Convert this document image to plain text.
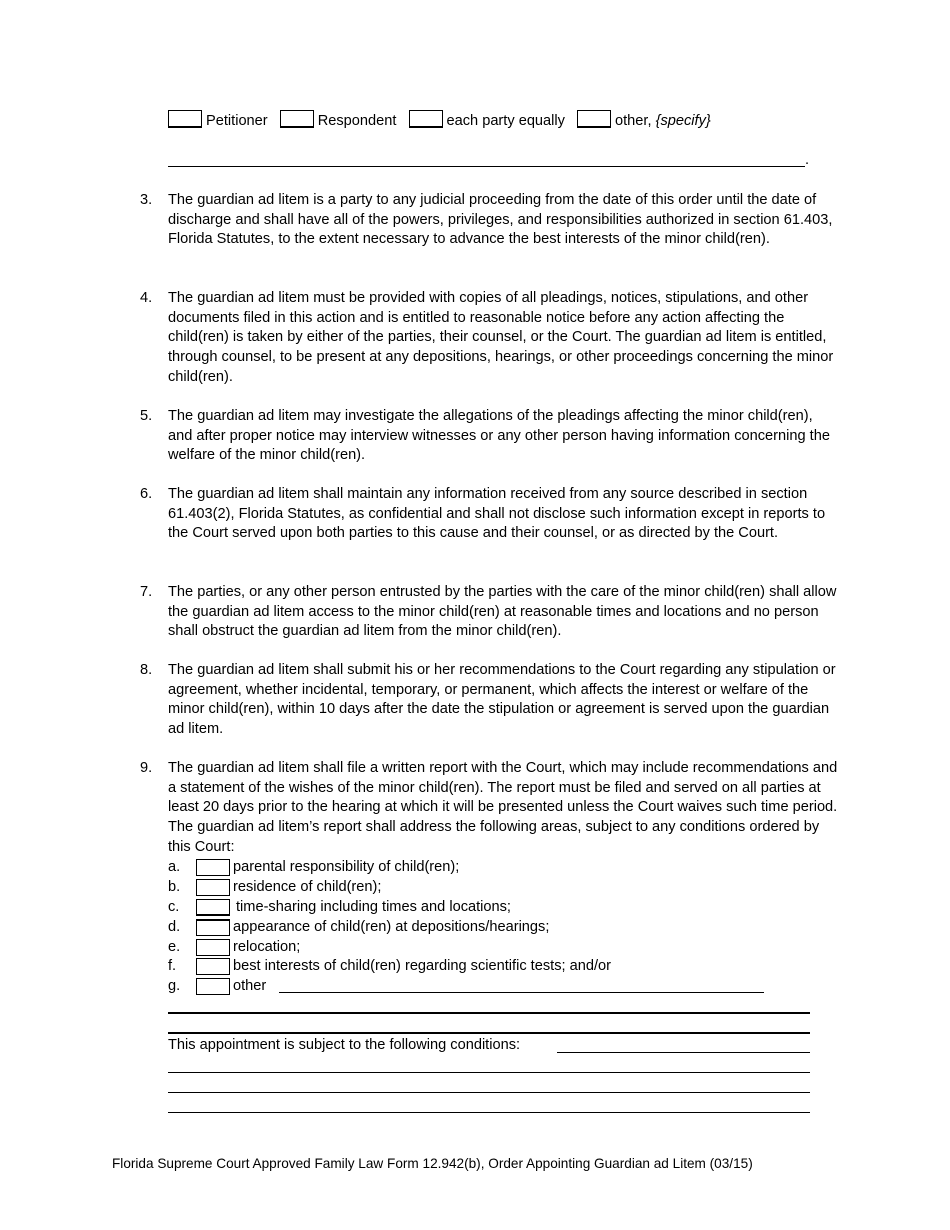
Petitioner	Respondent	each party equally	other, {specify}
.
3. The guardian ad litem is a party to any judicial proceeding from the date of this order until the date of discharge and shall have all of the powers, privileges, and responsibilities authorized in section 61.403, Florida Statutes, to the extent necessary to advance the best interests of the minor child(ren).
4. The guardian ad litem must be provided with copies of all pleadings, notices, stipulations, and other documents filed in this action and is entitled to reasonable notice before any action affecting the child(ren) is taken by either of the parties, their counsel, or the Court. The guardian ad litem is entitled, through counsel, to be present at any depositions, hearings, or other proceedings concerning the minor child(ren).
5. The guardian ad litem may investigate the allegations of the pleadings affecting the minor child(ren), and after proper notice may interview witnesses or any other person having information concerning the welfare of the minor child(ren).
6. The guardian ad litem shall maintain any information received from any source described in section 61.403(2), Florida Statutes, as confidential and shall not disclose such information except in reports to the Court served upon both parties to this cause and their counsel, or as directed by the Court.
7. The parties, or any other person entrusted by the parties with the care of the minor child(ren) shall allow the guardian ad litem access to the minor child(ren) at reasonable times and locations and no person shall obstruct the guardian ad litem from the minor child(ren).
8. The guardian ad litem shall submit his or her recommendations to the Court regarding any stipulation or agreement, whether incidental, temporary, or permanent, which affects the interest or welfare of the minor child(ren), within 10 days after the date the stipulation or agreement is served upon the guardian ad litem.
9. The guardian ad litem shall file a written report with the Court, which may include recommendations and a statement of the wishes of the minor child(ren). The report must be filed and served on all parties at least 20 days prior to the hearing at which it will be presented unless the Court waives such time period. The guardian ad litem’s report shall address the following areas, subject to any conditions ordered by this Court:
a.	parental responsibility of child(ren);
b.	residence of child(ren);
c.	time-sharing including times and locations;
d.	appearance of child(ren) at depositions/hearings;
e.	relocation;
f.	best interests of child(ren) regarding scientific tests; and/or
g.	other
This appointment is subject to the following conditions:
Florida Supreme Court Approved Family Law Form 12.942(b), Order Appointing Guardian ad Litem (03/15)
